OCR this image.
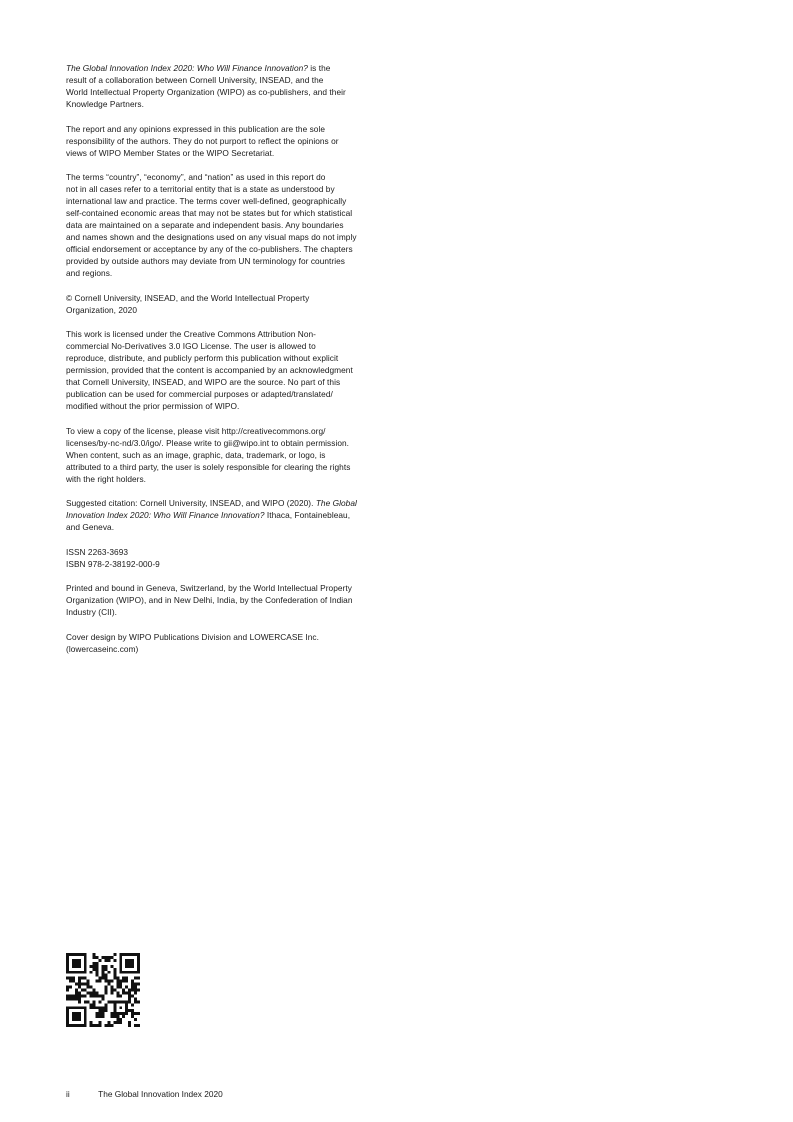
The Global Innovation Index 2020: Who Will Finance Innovation? is the
result of a collaboration between Cornell University, INSEAD, and the
World Intellectual Property Organization (WIPO) as co-publishers, and their
Knowledge Partners.

The report and any opinions expressed in this publication are the sole
responsibility of the authors. They do not purport to reflect the opinions or
views of WIPO Member States or the WIPO Secretariat.

The terms “country”, “economy”, and “nation” as used in this report do
not in all cases refer to a territorial entity that is a state as understood by
international law and practice. The terms cover well-defined, geographically
self-contained economic areas that may not be states but for which statistical
data are maintained on a separate and independent basis. Any boundaries
and names shown and the designations used on any visual maps do not imply
official endorsement or acceptance by any of the co-publishers. The chapters
provided by outside authors may deviate from UN terminology for countries
and regions.

© Cornell University, INSEAD, and the World Intellectual Property
Organization, 2020

This work is licensed under the Creative Commons Attribution Non-
commercial No-Derivatives 3.0 IGO License. The user is allowed to
reproduce, distribute, and publicly perform this publication without explicit
permission, provided that the content is accompanied by an acknowledgment
that Cornell University, INSEAD, and WIPO are the source. No part of this
publication can be used for commercial purposes or adapted/translated/
modified without the prior permission of WIPO.

To view a copy of the license, please visit http://creativecommons.org/
licenses/by-nc-nd/3.0/igo/. Please write to gii@wipo.int to obtain permission.
When content, such as an image, graphic, data, trademark, or logo, is
attributed to a third party, the user is solely responsible for clearing the rights
with the right holders.

Suggested citation: Cornell University, INSEAD, and WIPO (2020). The Global
Innovation Index 2020: Who Will Finance Innovation? Ithaca, Fontainebleau,
and Geneva.

ISSN 2263-3693
ISBN 978-2-38192-000-9

Printed and bound in Geneva, Switzerland, by the World Intellectual Property
Organization (WIPO), and in New Delhi, India, by the Confederation of Indian
Industry (CII).

Cover design by WIPO Publications Division and LOWERCASE Inc.
(lowercaseinc.com)

ii	The Global Innovation Index 2020
